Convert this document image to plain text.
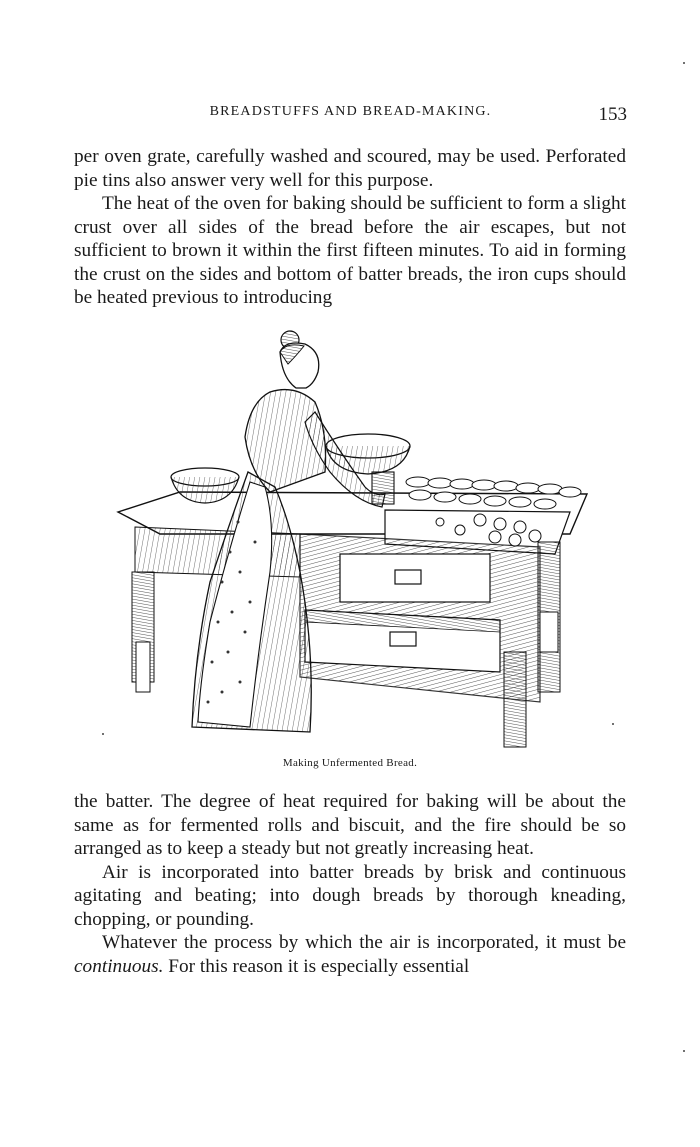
BREADSTUFFS AND BREAD-MAKING.	153

per oven grate, carefully washed and scoured, may be used. Perforated pie tins also answer very well for this purpose.

The heat of the oven for baking should be sufficient to form a slight crust over all sides of the bread before the air escapes, but not sufficient to brown it within the first fifteen minutes. To aid in forming the crust on the sides and bottom of batter breads, the iron cups should be heated previous to introducing

Making Unfermented Bread.

the batter. The degree of heat required for baking will be about the same as for fermented rolls and biscuit, and the fire should be so arranged as to keep a steady but not greatly increasing heat.

Air is incorporated into batter breads by brisk and continuous agitating and beating; into dough breads by thorough kneading, chopping, or pounding.

Whatever the process by which the air is incorporated, it must be continuous. For this reason it is especially essential
